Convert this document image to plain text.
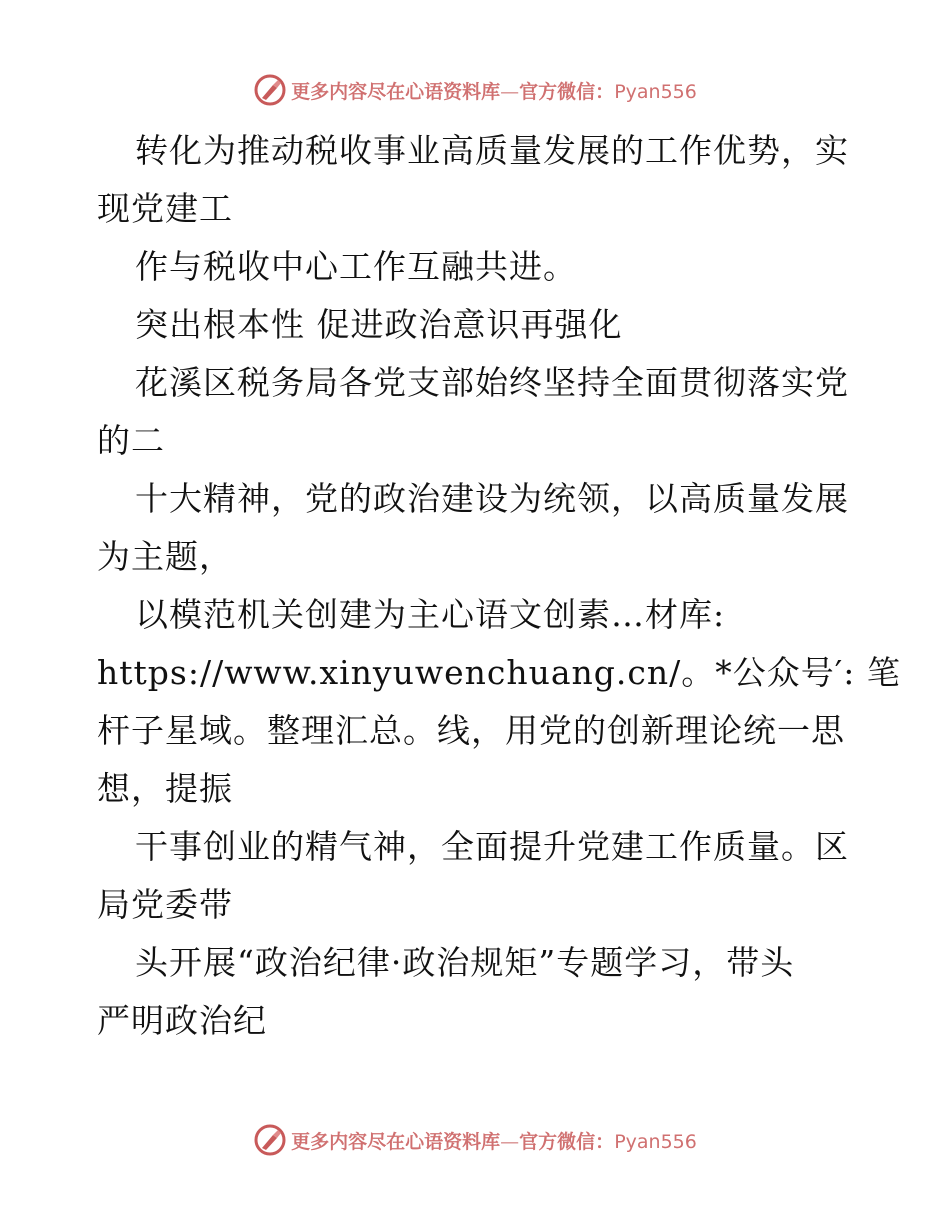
更多内容尽在心语资料库—官方微信：Pyan556
转化为推动税收事业高质量发展的工作优势，实
现党建工
作与税收中心工作互融共进。
突出根本性 促进政治意识再强化
花溪区税务局各党支部始终坚持全面贯彻落实党
的二
十大精神，党的政治建设为统领，以高质量发展
为主题，
以模范机关创建为主心语文创素…材库:
https://www.xinyuwenchuang.cn/。*公众号′: 笔
杆子星域。整理汇总。线，用党的创新理论统一思
想，提振
干事创业的精气神，全面提升党建工作质量。区
局党委带
头开展“政治纪律·政治规矩”专题学习，带头
严明政治纪
更多内容尽在心语资料库—官方微信：Pyan556
